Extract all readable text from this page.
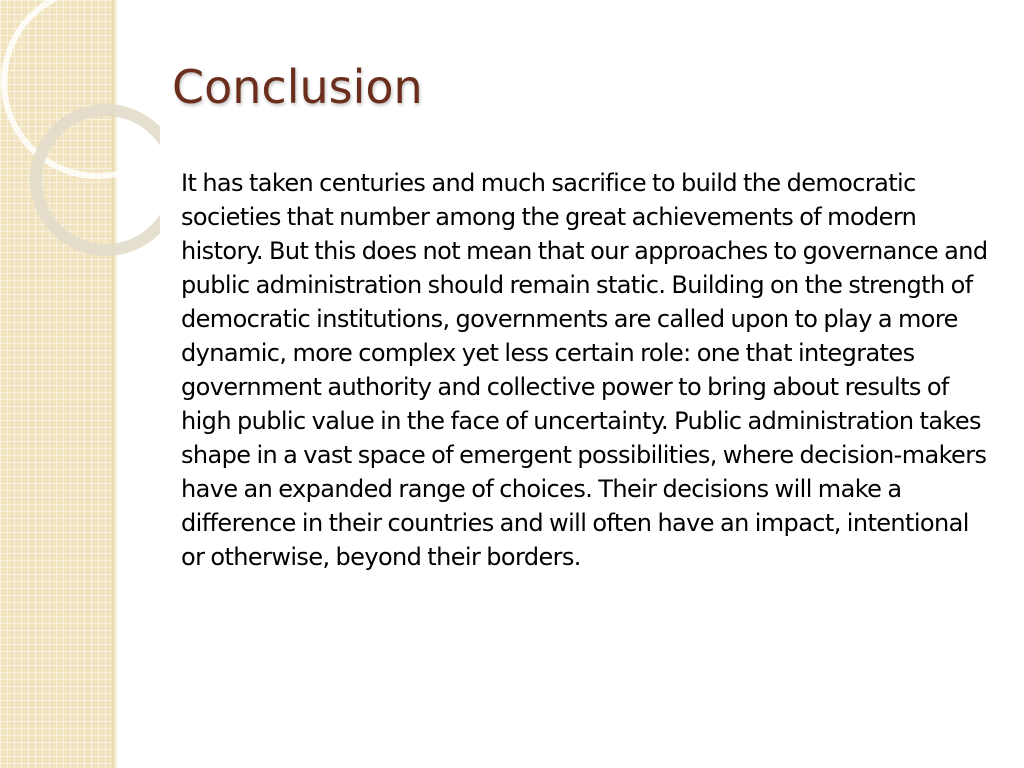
Conclusion

It has taken centuries and much sacrifice to build the democratic societies that number among the great achievements of modern history. But this does not mean that our approaches to governance and public administration should remain static. Building on the strength of democratic institutions, governments are called upon to play a more dynamic, more complex yet less certain role: one that integrates government authority and collective power to bring about results of high public value in the face of uncertainty. Public administration takes shape in a vast space of emergent possibilities, where decision-makers have an expanded range of choices. Their decisions will make a difference in their countries and will often have an impact, intentional or otherwise, beyond their borders.
